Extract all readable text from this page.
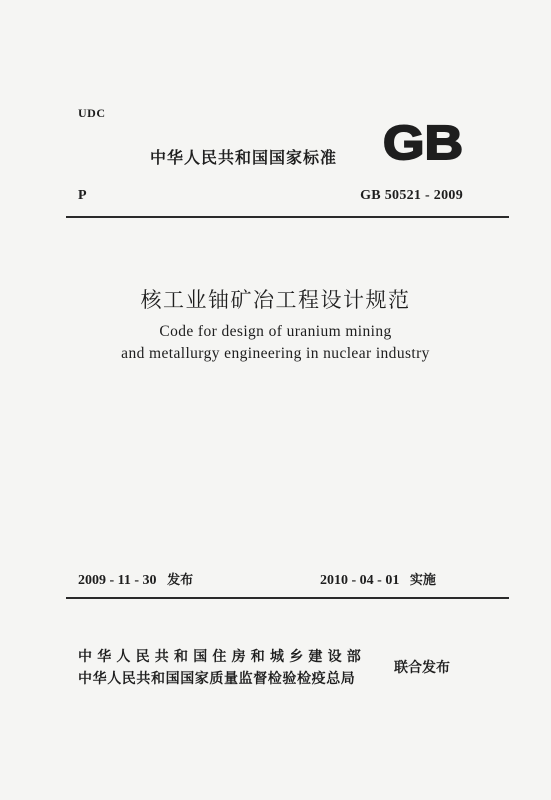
UDC
中华人民共和国国家标准 GB
P	GB 50521 - 2009
核工业铀矿冶工程设计规范
Code for design of uranium mining
and metallurgy engineering in nuclear industry
2009 - 11 - 30 发布	2010 - 04 - 01 实施
中华人民共和国住房和城乡建设部
中华人民共和国国家质量监督检验检疫总局
联合发布
